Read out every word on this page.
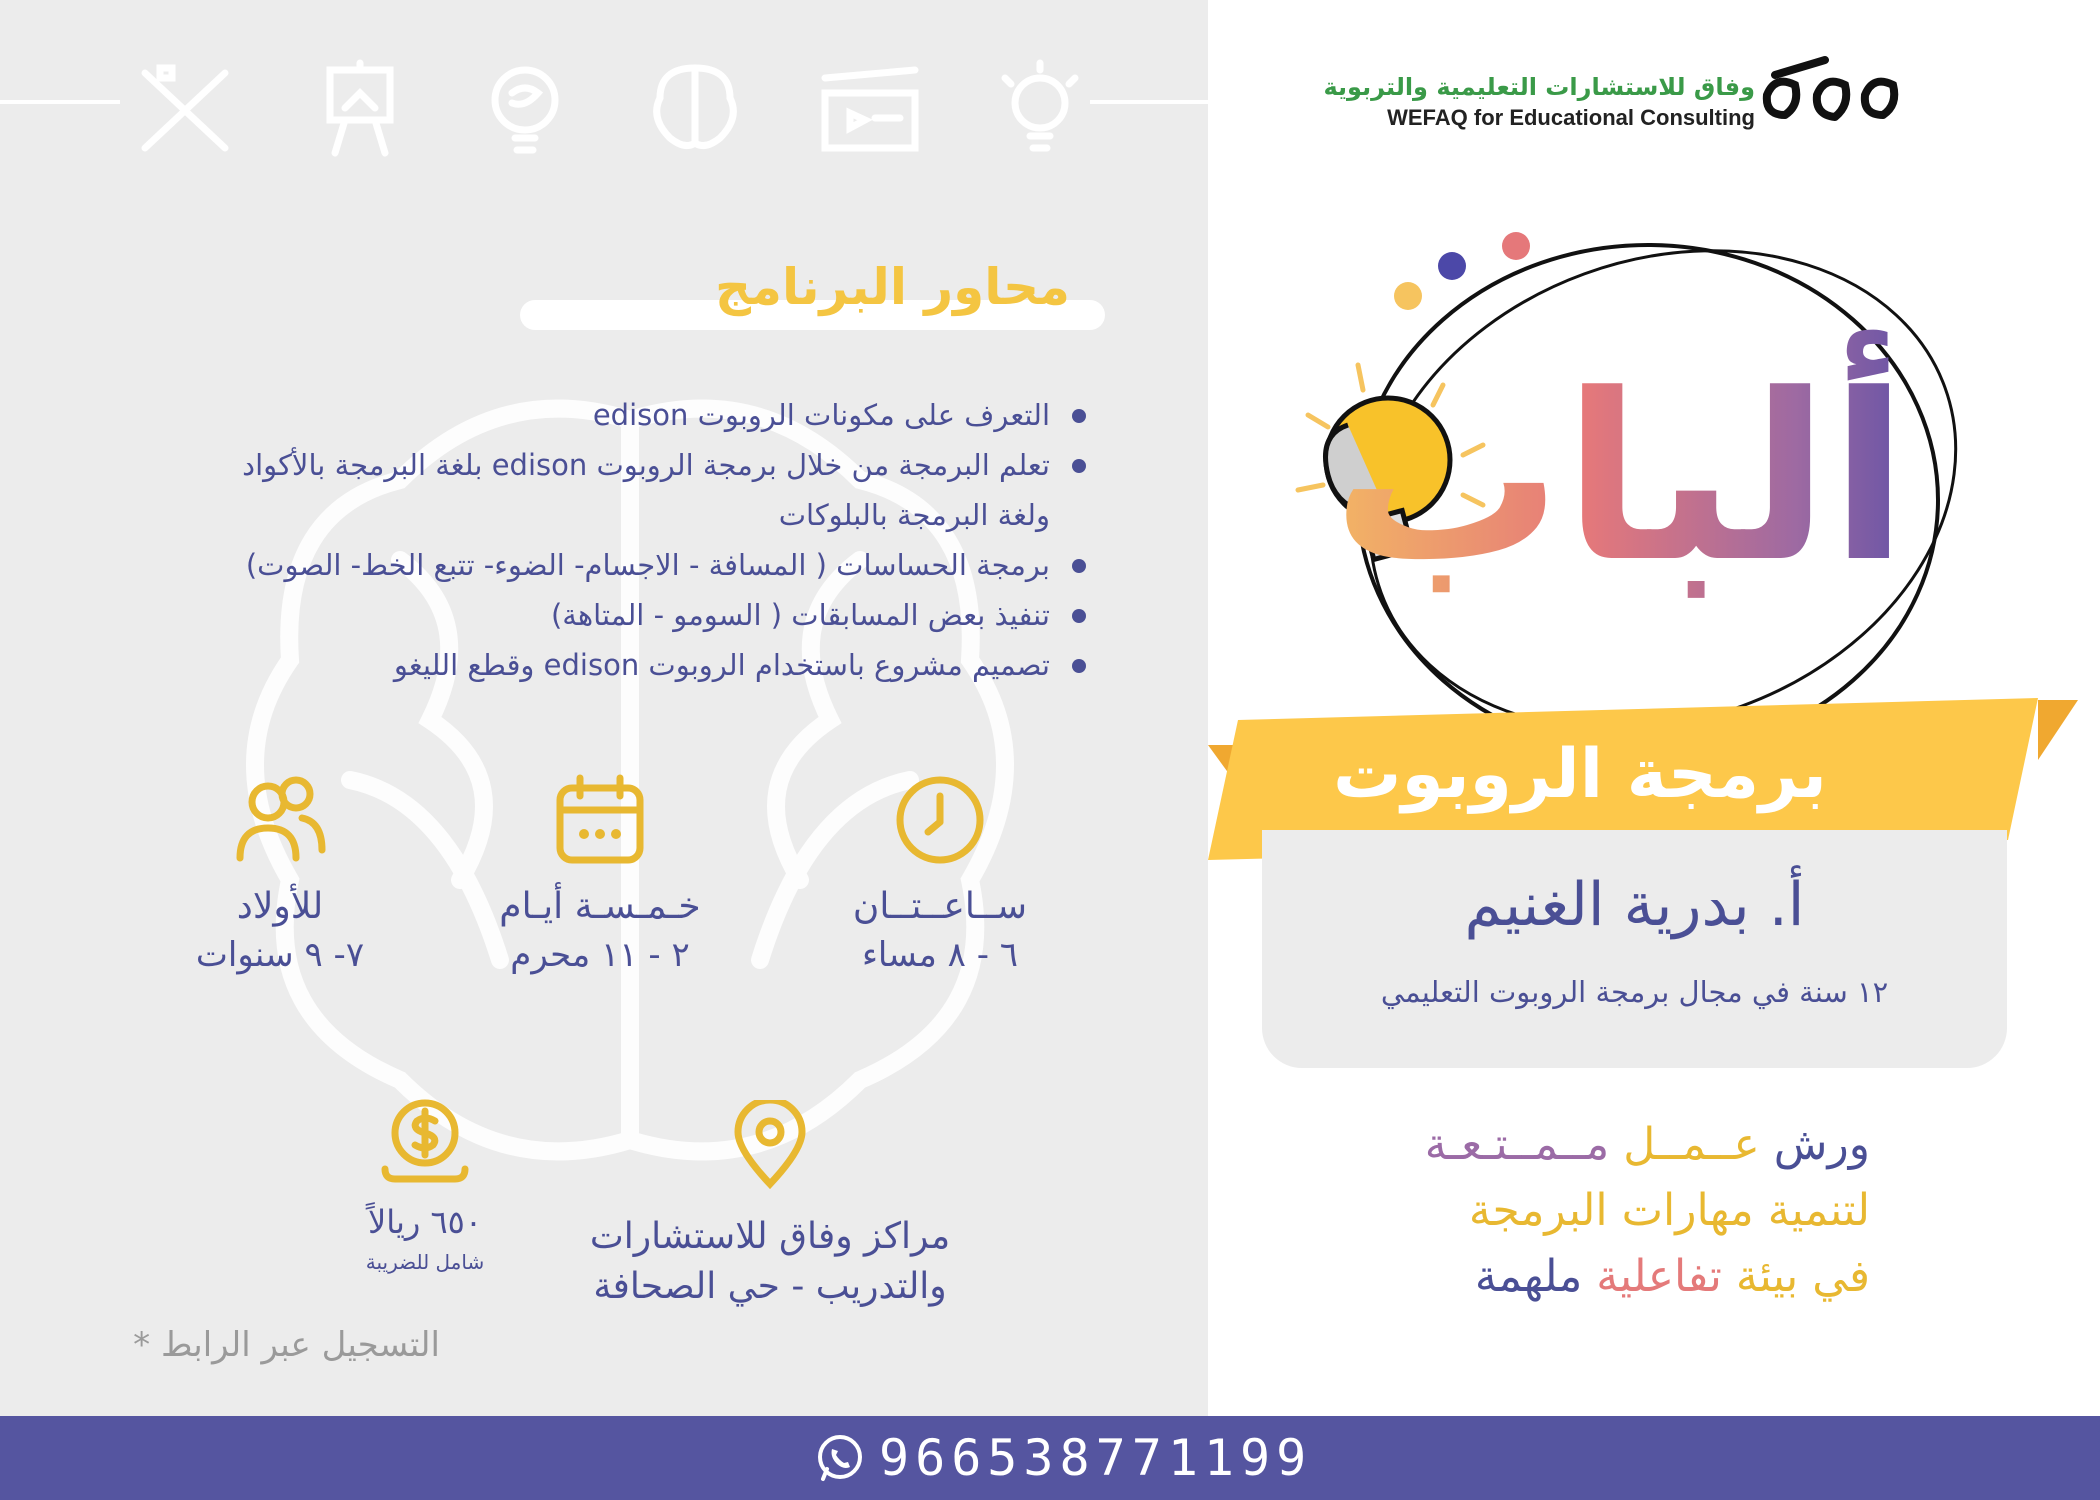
محاور البرنامج
التعرف على مكونات الروبوت edison
تعلم البرمجة من خلال برمجة الروبوت edison بلغة البرمجة بالأكواد
ولغة البرمجة بالبلوكات
برمجة الحساسات ( المسافة - الاجسام- الضوء- تتبع الخط- الصوت)
تنفيذ بعض المسابقات ( السومو - المتاهة)
تصميم مشروع باستخدام الروبوت edison وقطع الليغو
للأولاد
٧- ٩ سنوات
خـمـسـة أيـام
٢ - ١١ محرم
ســاعــتــان
٦ - ٨ مساء
٦٥٠ ريالاً
شامل للضريبة
مراكز وفاق للاستشارات
والتدريب - حي الصحافة
التسجيل عبر الرابط *
وفاق للاستشارات التعليمية والتربوية
WEFAQ for Educational Consulting
ألباب
برمجة الروبوت
أ. بدرية الغنيم
١٢ سنة في مجال برمجة الروبوت التعليمي
ورش عــمــل مــمــتـعـة
لتنمية مهارات البرمجة
في بيئة تفاعلية ملهمة
966538771199
